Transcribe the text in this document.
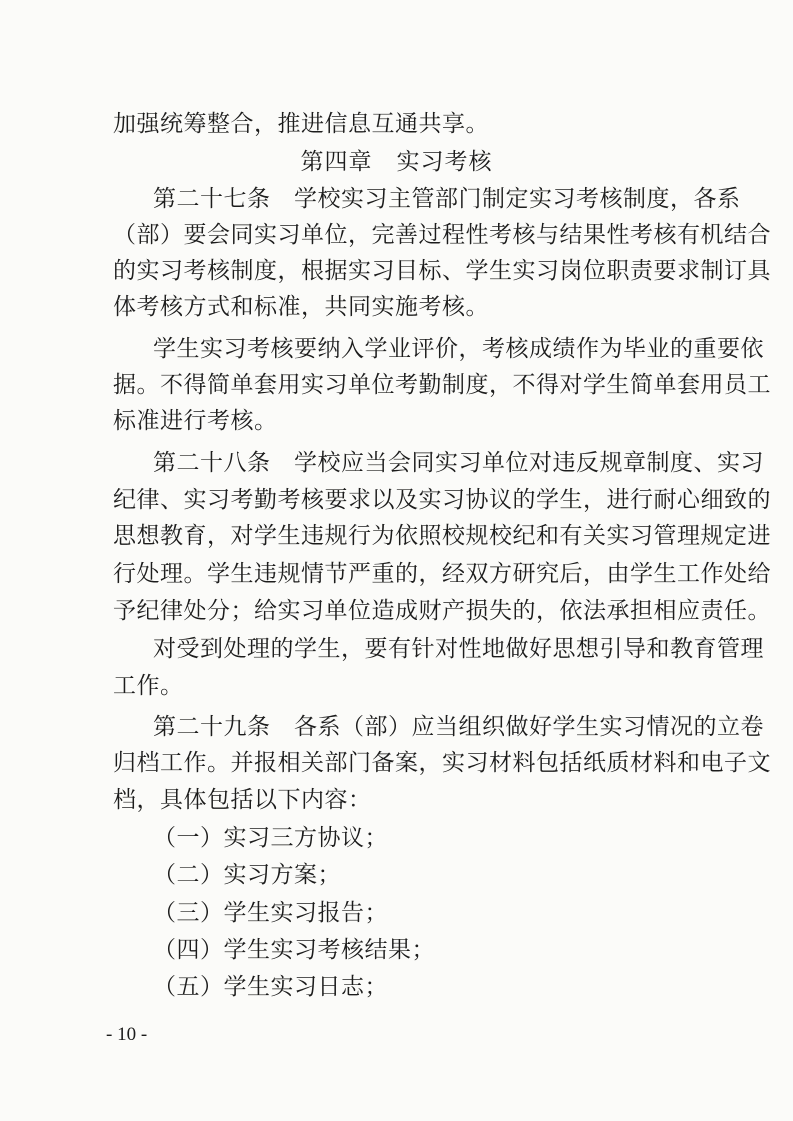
加强统筹整合，推进信息互通共享。
第四章　实习考核
第二十七条　学校实习主管部门制定实习考核制度，各系
（部）要会同实习单位，完善过程性考核与结果性考核有机结合
的实习考核制度，根据实习目标、学生实习岗位职责要求制订具
体考核方式和标准，共同实施考核。
学生实习考核要纳入学业评价，考核成绩作为毕业的重要依
据。不得简单套用实习单位考勤制度，不得对学生简单套用员工
标准进行考核。
第二十八条　学校应当会同实习单位对违反规章制度、实习
纪律、实习考勤考核要求以及实习协议的学生，进行耐心细致的
思想教育，对学生违规行为依照校规校纪和有关实习管理规定进
行处理。学生违规情节严重的，经双方研究后，由学生工作处给
予纪律处分；给实习单位造成财产损失的，依法承担相应责任。
对受到处理的学生，要有针对性地做好思想引导和教育管理
工作。
第二十九条　各系（部）应当组织做好学生实习情况的立卷
归档工作。并报相关部门备案，实习材料包括纸质材料和电子文
档，具体包括以下内容：
（一）实习三方协议；
（二）实习方案；
（三）学生实习报告；
（四）学生实习考核结果；
（五）学生实习日志；
- 10 -
